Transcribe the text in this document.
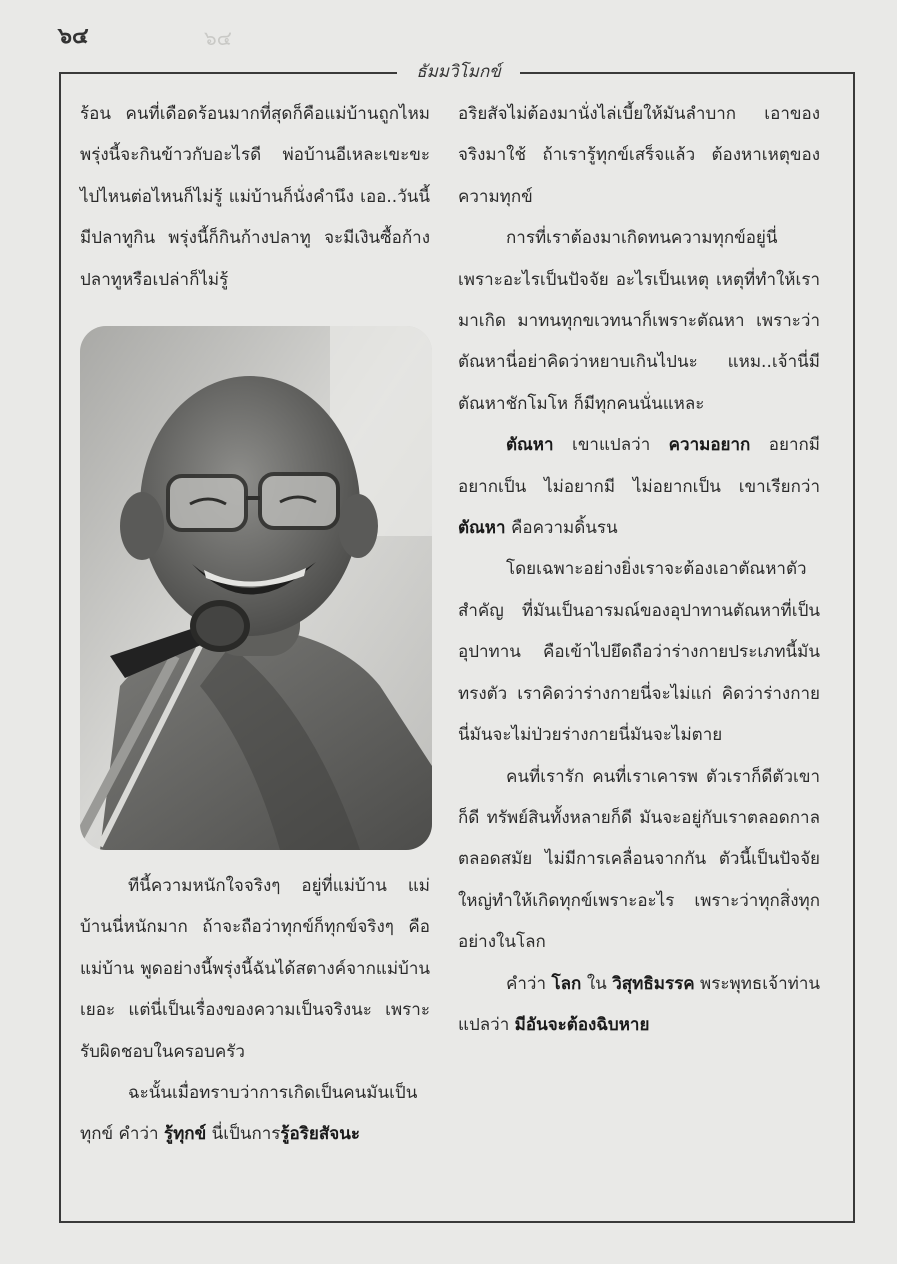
๖๔	๖๔
ธัมมวิโมกข์

ร้อน คนที่เดือดร้อนมากที่สุดก็คือแม่บ้านถูกไหม พรุ่งนี้จะกินข้าวกับอะไรดี พ่อบ้านอีเหละเขะขะไปไหนต่อไหนก็ไม่รู้ แม่บ้านก็นั่งคำนึง เออ..วันนี้มีปลาทูกิน พรุ่งนี้ก็กินก้างปลาทู จะมีเงินซื้อก้างปลาทูหรือเปล่าก็ไม่รู้

ทีนี้ความหนักใจจริงๆ อยู่ที่แม่บ้าน แม่บ้านนี่หนักมาก ถ้าจะถือว่าทุกข์ก็ทุกข์จริงๆ คือแม่บ้าน พูดอย่างนี้พรุ่งนี้ฉันได้สตางค์จากแม่บ้านเยอะ แต่นี่เป็นเรื่องของความเป็นจริงนะ เพราะรับผิดชอบในครอบครัว

ฉะนั้นเมื่อทราบว่าการเกิดเป็นคนมันเป็นทุกข์ คำว่า รู้ทุกข์ นี่เป็นการรู้อริยสัจนะ

อริยสัจไม่ต้องมานั่งไล่เบี้ยให้มันลำบาก เอาของจริงมาใช้ ถ้าเรารู้ทุกข์เสร็จแล้ว ต้องหาเหตุของความทุกข์

การที่เราต้องมาเกิดทนความทุกข์อยู่นี่เพราะอะไรเป็นปัจจัย อะไรเป็นเหตุ เหตุที่ทำให้เรามาเกิด มาทนทุกขเวทนาก็เพราะตัณหา เพราะว่าตัณหานี่อย่าคิดว่าหยาบเกินไปนะ แหม..เจ้านี่มีตัณหาชักโมโห ก็มีทุกคนนั่นแหละ

ตัณหา เขาแปลว่า ความอยาก อยากมี อยากเป็น ไม่อยากมี ไม่อยากเป็น เขาเรียกว่า ตัณหา คือความดิ้นรน

โดยเฉพาะอย่างยิ่งเราจะต้องเอาตัณหาตัวสำคัญ ที่มันเป็นอารมณ์ของอุปาทานตัณหาที่เป็นอุปาทาน คือเข้าไปยึดถือว่าร่างกายประเภทนี้มันทรงตัว เราคิดว่าร่างกายนี่จะไม่แก่ คิดว่าร่างกายนี่มันจะไม่ป่วยร่างกายนี่มันจะไม่ตาย

คนที่เรารัก คนที่เราเคารพ ตัวเราก็ดีตัวเขาก็ดี ทรัพย์สินทั้งหลายก็ดี มันจะอยู่กับเราตลอดกาลตลอดสมัย ไม่มีการเคลื่อนจากกัน ตัวนี้เป็นปัจจัยใหญ่ทำให้เกิดทุกข์เพราะอะไร เพราะว่าทุกสิ่งทุกอย่างในโลก

คำว่า โลก ใน วิสุทธิมรรค พระพุทธเจ้าท่านแปลว่า มีอันจะต้องฉิบหาย
